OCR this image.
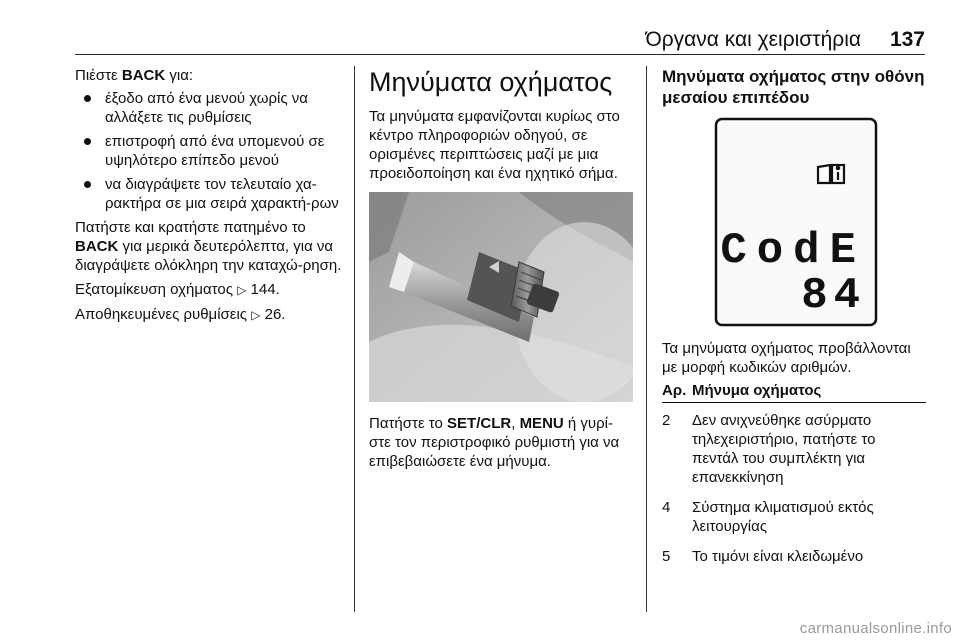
Όργανα και χειριστήρια 137

Πιέστε BACK για:

έξοδο από ένα μενού χωρίς να αλλάξετε τις ρυθμίσεις
επιστροφή από ένα υπομενού σε υψηλότερο επίπεδο μενού
να διαγράψετε τον τελευταίο χα-ρακτήρα σε μια σειρά χαρακτή-ρων

Πατήστε και κρατήστε πατημένο το BACK για μερικά δευτερόλεπτα, για να διαγράψετε ολόκληρη την καταχώ-ρηση.

Εξατομίκευση οχήματος ▷ 144.

Αποθηκευμένες ρυθμίσεις ▷ 26.

Μηνύματα οχήματος

Τα μηνύματα εμφανίζονται κυρίως στο κέντρο πληροφοριών οδηγού, σε ορισμένες περιπτώσεις μαζί με μια προειδοποίηση και ένα ηχητικό σήμα.

Πατήστε το SET/CLR, MENU ή γυρί-στε τον περιστροφικό ρυθμιστή για να επιβεβαιώσετε ένα μήνυμα.

Μηνύματα οχήματος στην οθόνη μεσαίου επιπέδου
CodE
84

Τα μηνύματα οχήματος προβάλλονται με μορφή κωδικών αριθμών.

Αρ.	Μήνυμα οχήματος
2	Δεν ανιχνεύθηκε ασύρματο τηλεχειριστήριο, πατήστε το πεντάλ του συμπλέκτη για επανεκκίνηση
4	Σύστημα κλιματισμού εκτός λειτουργίας
5	Το τιμόνι είναι κλειδωμένο
carmanualsonline.info
